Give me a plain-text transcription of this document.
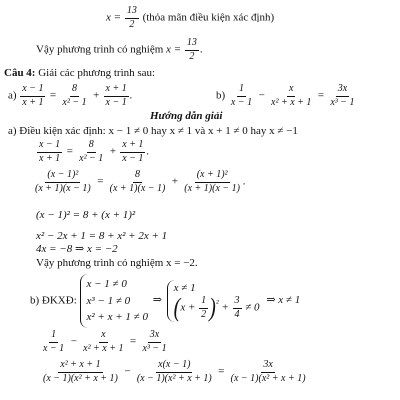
$x = \frac{13}{2}$ (thỏa mãn điều kiện xác định)
Vậy phương trình có nghiệm $x = \frac{13}{2}$ .
Câu 4: Giải các phương trình sau:
$a) \frac{x - 1}{x + 1} = \frac{8}{\text{x² − 1}} + \frac{x + 1}{x - 1}$ .	$b) \frac{1}{x - 1} - \frac{x}{\text{x² + x + 1}} = \frac{3x}{\text{x³ − 1}}$
Hướng dẫn giải
a) Điều kiện xác định: x − 1 ≠ 0 hay x ≠ 1 và x + 1 ≠ 0 hay x ≠ −1
$\frac{x - 1}{x + 1} = \frac{8}{\text{x² − 1}} + \frac{x + 1}{x - 1}$ .
$\frac{\text{(x − 1)²}}{(x + 1)(x - 1)} = \frac{8}{(x + 1)(x - 1)} + \frac{\text{(x + 1)²}}{(x + 1)(x - 1)}$ .
(x − 1)² = 8 + (x + 1)²
x² − 2x + 1 = 8 + x² + 2x + 1
4x = −8 ⇒ x = −2
Vậy phương trình có nghiệm x = −2.
b) ĐKXĐ:
x − 1 ≠ 0
x³ − 1 ≠ 0
x² + x + 1 ≠ 0
⇒
x ≠ 1
$(x + \frac{1}{2} )^{^2} + \frac{3}{4} \ne 0$
⇒ x ≠ 1
$\frac{1}{x - 1} - \frac{x}{\text{x² + x + 1}} = \frac{3x}{\text{x³ − 1}}$
$\frac{\text{x² + x + 1}}{\text{(x − 1)(x² + x + 1)}} - \frac{x(x - 1)}{\text{(x − 1)(x² + x + 1)}} = \frac{3x}{\text{(x − 1)(x² + x + 1)}}$
